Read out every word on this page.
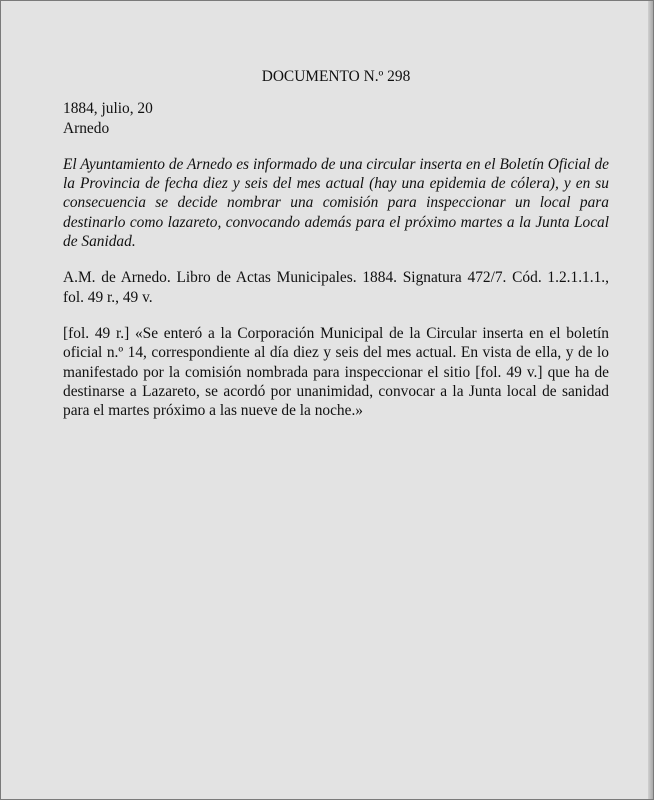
DOCUMENTO N.º 298

1884, julio, 20

Arnedo

El Ayuntamiento de Arnedo es informado de una circular inserta en el Boletín Oficial de la Provincia de fecha diez y seis del mes actual (hay una epidemia de cólera), y en su consecuencia se decide nombrar una comisión para inspeccionar un local para destinarlo como lazareto, convocando además para el próximo martes a la Junta Local de Sanidad.

A.M. de Arnedo. Libro de Actas Municipales. 1884. Signatura 472/7. Cód. 1.2.1.1.1., fol. 49 r., 49 v.

[fol. 49 r.] «Se enteró a la Corporación Municipal de la Circular inserta en el boletín oficial n.º 14, correspondiente al día diez y seis del mes actual. En vista de ella, y de lo manifestado por la comisión nombrada para inspeccionar el sitio [fol. 49 v.] que ha de destinarse a Lazareto, se acordó por unanimidad, convocar a la Junta local de sanidad para el martes próximo a las nueve de la noche.»
